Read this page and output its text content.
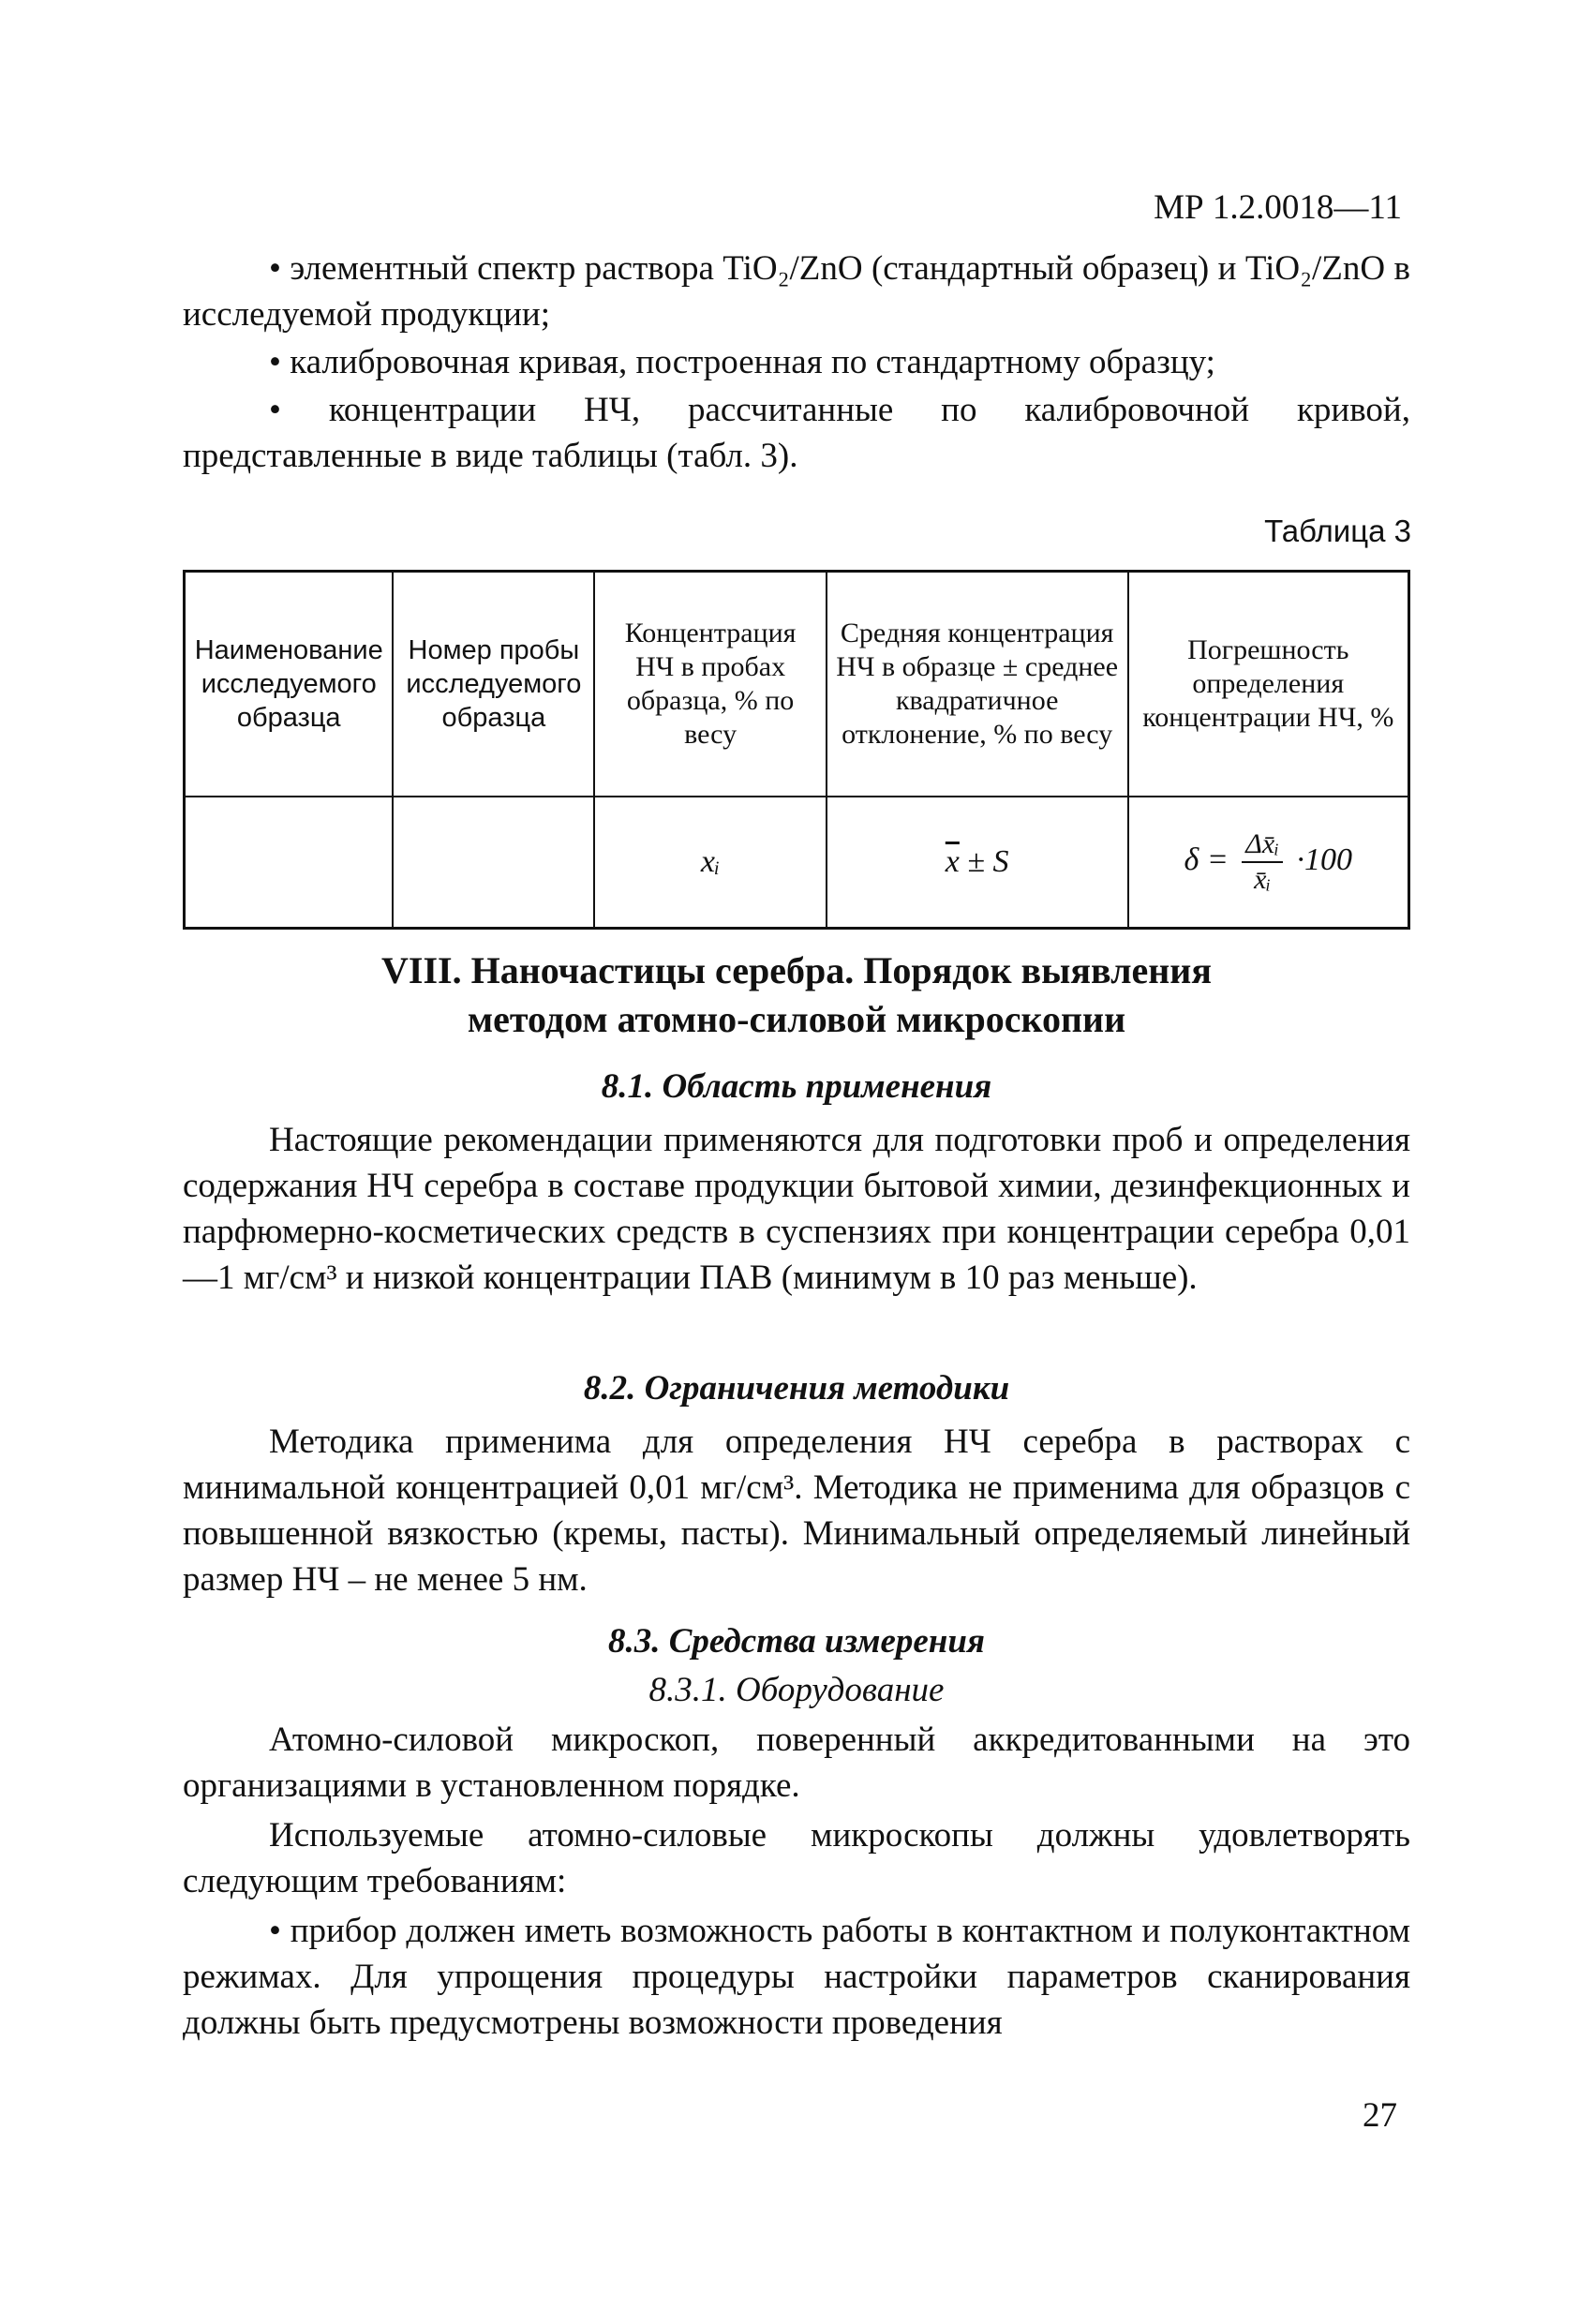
МР 1.2.0018—11

• элементный спектр раствора TiO₂/ZnO (стандартный образец) и TiO₂/ZnO в исследуемой продукции;

• калибровочная кривая, построенная по стандартному образцу;

• концентрации НЧ, рассчитанные по калибровочной кривой, представленные в виде таблицы (табл. 3).

Таблица 3
Наименование исследуемого образца	Номер пробы исследуемого образца	Концентрация НЧ в пробах образца, % по весу	Средняя концентрация НЧ в образце ± среднее квадратичное отклонение, % по весу	Погрешность определения концентрации НЧ, %
		xᵢ	$\overline{x} \pm S$	$\delta = \frac{\text{Δx̄ᵢ}}{\text{x̄ᵢ}} \cdot 100$
VIII. Наночастицы серебра. Порядок выявления
методом атомно-силовой микроскопии
8.1. Область применения

Настоящие рекомендации применяются для подготовки проб и определения содержания НЧ серебра в составе продукции бытовой химии, дезинфекционных и парфюмерно-косметических средств в суспензиях при концентрации серебра 0,01—1 мг/см³ и низкой концентрации ПАВ (минимум в 10 раз меньше).

8.2. Ограничения методики

Методика применима для определения НЧ серебра в растворах с минимальной концентрацией 0,01 мг/см³. Методика не применима для образцов с повышенной вязкостью (кремы, пасты). Минимальный определяемый линейный размер НЧ – не менее 5 нм.

8.3. Средства измерения
8.3.1. Оборудование

Атомно-силовой микроскоп, поверенный аккредитованными на это организациями в установленном порядке.

Используемые атомно-силовые микроскопы должны удовлетворять следующим требованиям:

• прибор должен иметь возможность работы в контактном и полуконтактном режимах. Для упрощения процедуры настройки параметров сканирования должны быть предусмотрены возможности проведения

27
